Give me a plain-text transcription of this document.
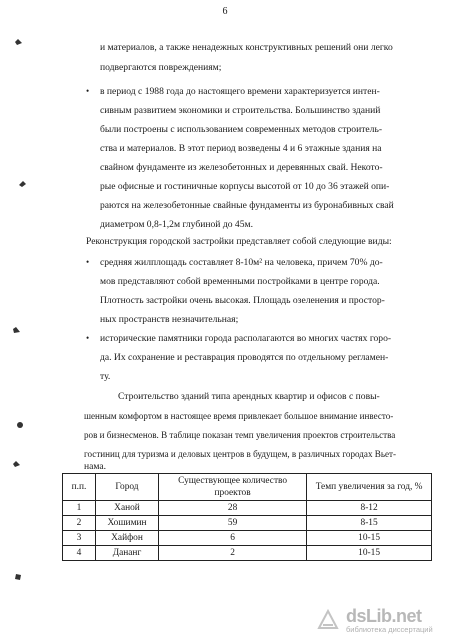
6
и материалов, а также ненадежных конструктивных решений они легко
подвергаются повреждениям;
• в период с 1988 года до настоящего времени характеризуется интен-
сивным развитием экономики и строительства. Большинство зданий
были построены с использованием современных методов строитель-
ства и материалов. В этот период возведены 4 и 6 этажные здания на
свайном фундаменте из железобетонных и деревянных свай. Некото-
рые офисные и гостиничные корпусы высотой от 10 до 36 этажей опи-
раются на железобетонные свайные фундаменты из буронабивных свай
диаметром 0,8-1,2м глубиной до 45м.
Реконструкция городской застройки представляет собой следующие виды:
• средняя жилплощадь составляет 8-10м² на человека, причем 70% до-
мов представляют собой временными постройками в центре города.
Плотность застройки очень высокая. Площадь озеленения и простор-
ных пространств незначительная;
• исторические памятники города располагаются во многих частях горо-
да. Их сохранение и реставрация проводятся по отдельному регламен-
ту.
Строительство зданий типа арендных квартир и офисов с повы-
шенным комфортом в настоящее время привлекает большое внимание инвесто-
ров и бизнесменов. В таблице показан темп увеличения проектов строительства
гостиниц для туризма и деловых центров в будущем, в различных городах Вьет-
нама.
п.п.	Город	Существующее количество проектов	Темп увеличения за год, %
1	Ханой	28	8-12
2	Хошимин	59	8-15
3	Хайфон	6	10-15
4	Дананг	2	10-15
dsLib.net
библиотека диссертаций
